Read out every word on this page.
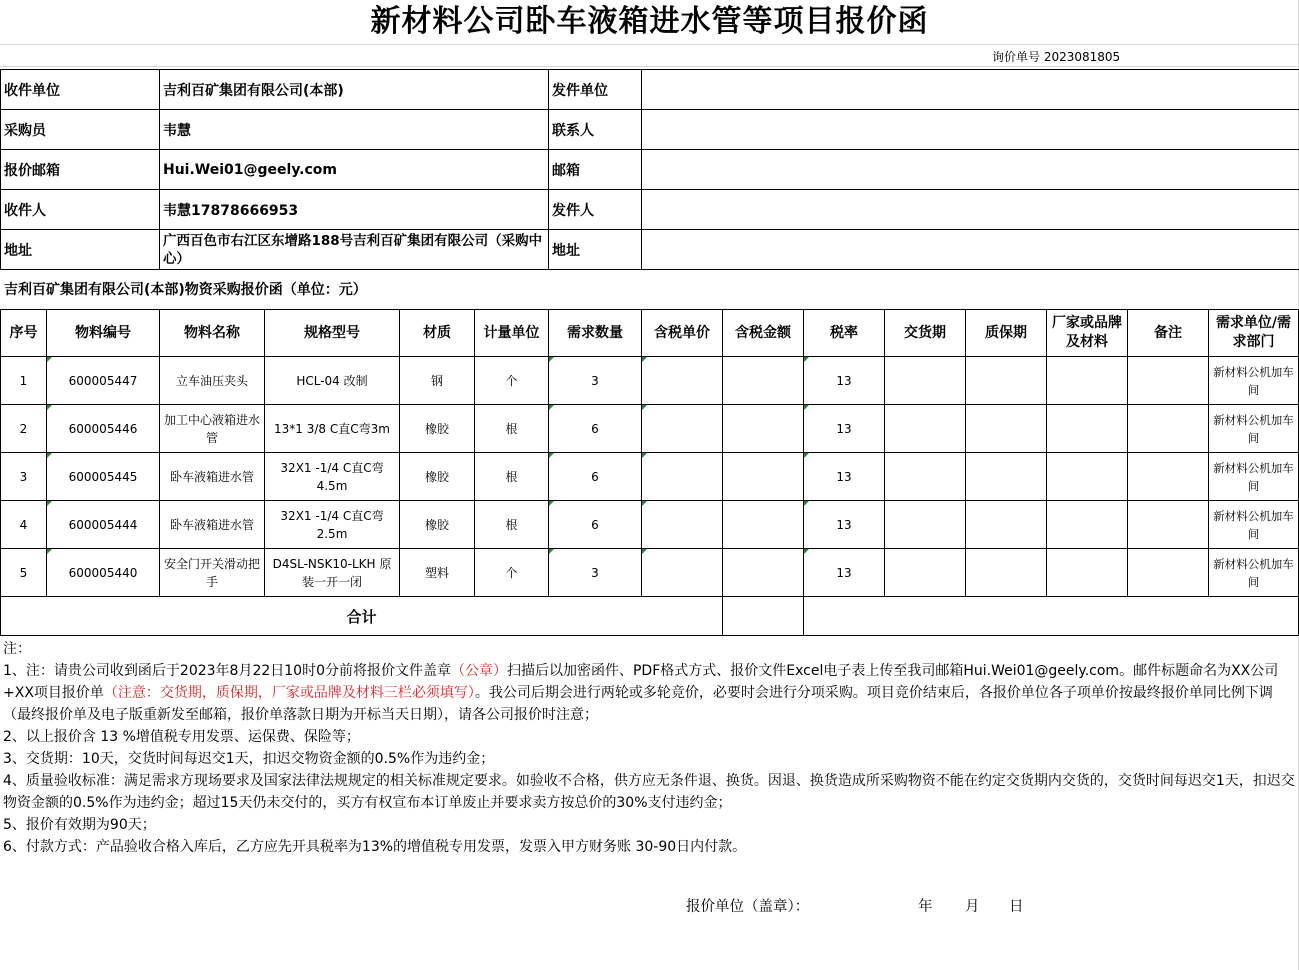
新材料公司卧车液箱进水管等项目报价函
询价单号 2023081805
收件单位	吉利百矿集团有限公司(本部)	发件单位	
采购员	韦慧	联系人	
报价邮箱	Hui.Wei01@geely.com	邮箱	
收件人	韦慧17878666953	发件人	
地址	广西百色市右江区东增路188号吉利百矿集团有限公司（采购中心）	地址	
吉利百矿集团有限公司(本部)物资采购报价函（单位：元）
序号	物料编号	物料名称	规格型号	材质	计量单位	需求数量	含税单价	含税金额	税率	交货期	质保期	厂家或品牌及材料	备注	需求单位/需求部门
1	600005447	立车油压夹头	HCL-04 改制	钢	个	3			13					新材料公机加车间
2	600005446	加工中心液箱进水管	13*1 3/8 C直C弯3m	橡胶	根	6			13					新材料公机加车间
3	600005445	卧车液箱进水管	32X1 -1/4 C直C弯4.5m	橡胶	根	6			13					新材料公机加车间
4	600005444	卧车液箱进水管	32X1 -1/4 C直C弯2.5m	橡胶	根	6			13					新材料公机加车间
5	600005440	安全门开关滑动把手	D4SL-NSK10-LKH 原装一开一闭	塑料	个	3			13					新材料公机加车间
合计														
注：
1、注：请贵公司收到函后于2023年8月22日10时0分前将报价文件盖章（公章）扫描后以加密函件、PDF格式方式、报价文件Excel电子表上传至我司邮箱Hui.Wei01@geely.com。邮件标题命名为XX公司+XX项目报价单（注意：交货期，质保期，厂家或品牌及材料三栏必须填写）。我公司后期会进行两轮或多轮竞价，必要时会进行分项采购。项目竞价结束后，各报价单位各子项单价按最终报价单同比例下调（最终报价单及电子版重新发至邮箱，报价单落款日期为开标当天日期），请各公司报价时注意；
2、以上报价含 13 %增值税专用发票、运保费、保险等；
3、交货期：10天，交货时间每迟交1天，扣迟交物资金额的0.5%作为违约金；
4、质量验收标准：满足需求方现场要求及国家法律法规规定的相关标准规定要求。如验收不合格，供方应无条件退、换货。因退、换货造成所采购物资不能在约定交货期内交货的，交货时间每迟交1天，扣迟交物资金额的0.5%作为违约金；超过15天仍未交付的，买方有权宣布本订单废止并要求卖方按总价的30%支付违约金；
5、报价有效期为90天；
6、付款方式：产品验收合格入库后，乙方应先开具税率为13%的增值税专用发票，发票入甲方财务账 30-90日内付款。
报价单位（盖章）：	年 月 日
